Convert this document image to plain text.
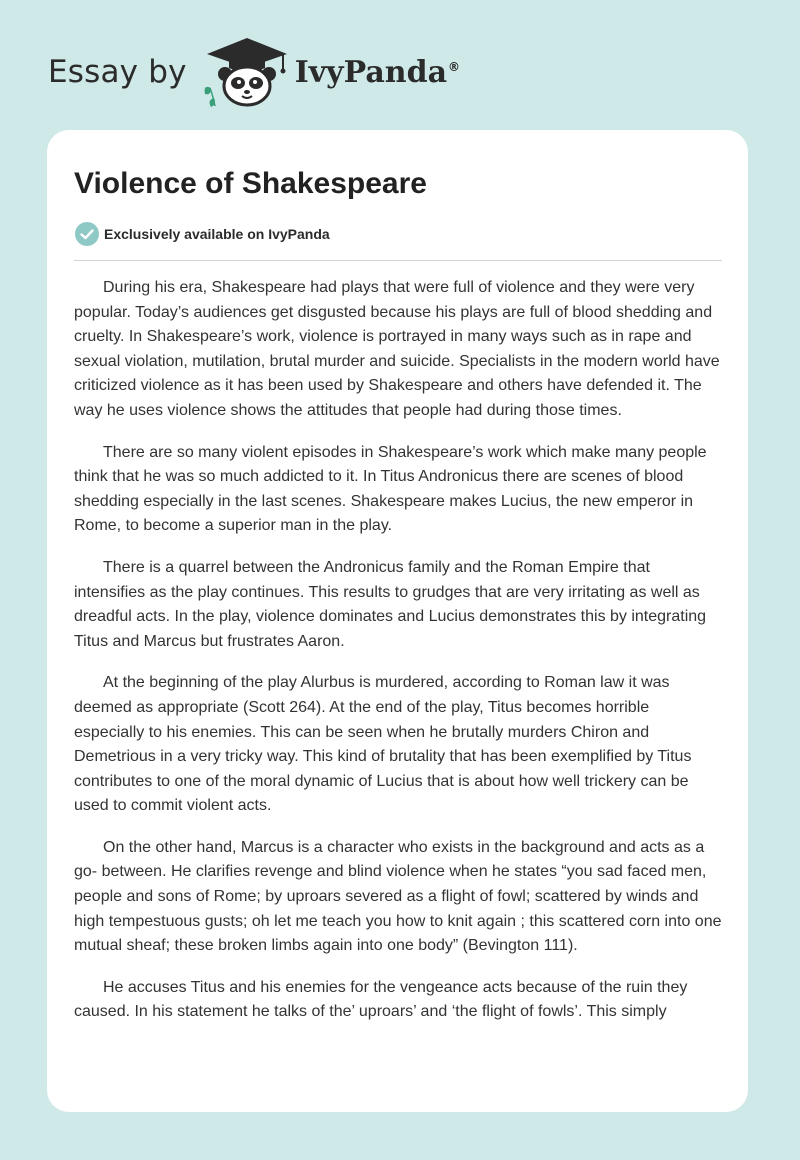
Essay by	IvyPanda®
Violence of Shakespeare
Exclusively available on IvyPanda

During his era, Shakespeare had plays that were full of violence and they were very popular. Today’s audiences get disgusted because his plays are full of blood shedding and cruelty. In Shakespeare’s work, violence is portrayed in many ways such as in rape and sexual violation, mutilation, brutal murder and suicide. Specialists in the modern world have criticized violence as it has been used by Shakespeare and others have defended it. The way he uses violence shows the attitudes that people had during those times.

There are so many violent episodes in Shakespeare’s work which make many people think that he was so much addicted to it. In Titus Andronicus there are scenes of blood shedding especially in the last scenes. Shakespeare makes Lucius, the new emperor in Rome, to become a superior man in the play.

There is a quarrel between the Andronicus family and the Roman Empire that intensifies as the play continues. This results to grudges that are very irritating as well as dreadful acts. In the play, violence dominates and Lucius demonstrates this by integrating Titus and Marcus but frustrates Aaron.

At the beginning of the play Alurbus is murdered, according to Roman law it was deemed as appropriate (Scott 264). At the end of the play, Titus becomes horrible especially to his enemies. This can be seen when he brutally murders Chiron and Demetrious in a very tricky way. This kind of brutality that has been exemplified by Titus contributes to one of the moral dynamic of Lucius that is about how well trickery can be used to commit violent acts.

On the other hand, Marcus is a character who exists in the background and acts as a go- between. He clarifies revenge and blind violence when he states “you sad faced men, people and sons of Rome; by uproars severed as a flight of fowl; scattered by winds and high tempestuous gusts; oh let me teach you how to knit again ; this scattered corn into one mutual sheaf; these broken limbs again into one body” (Bevington 111).

He accuses Titus and his enemies for the vengeance acts because of the ruin they caused. In his statement he talks of the’ uproars’ and ‘the flight of fowls’. This simply
